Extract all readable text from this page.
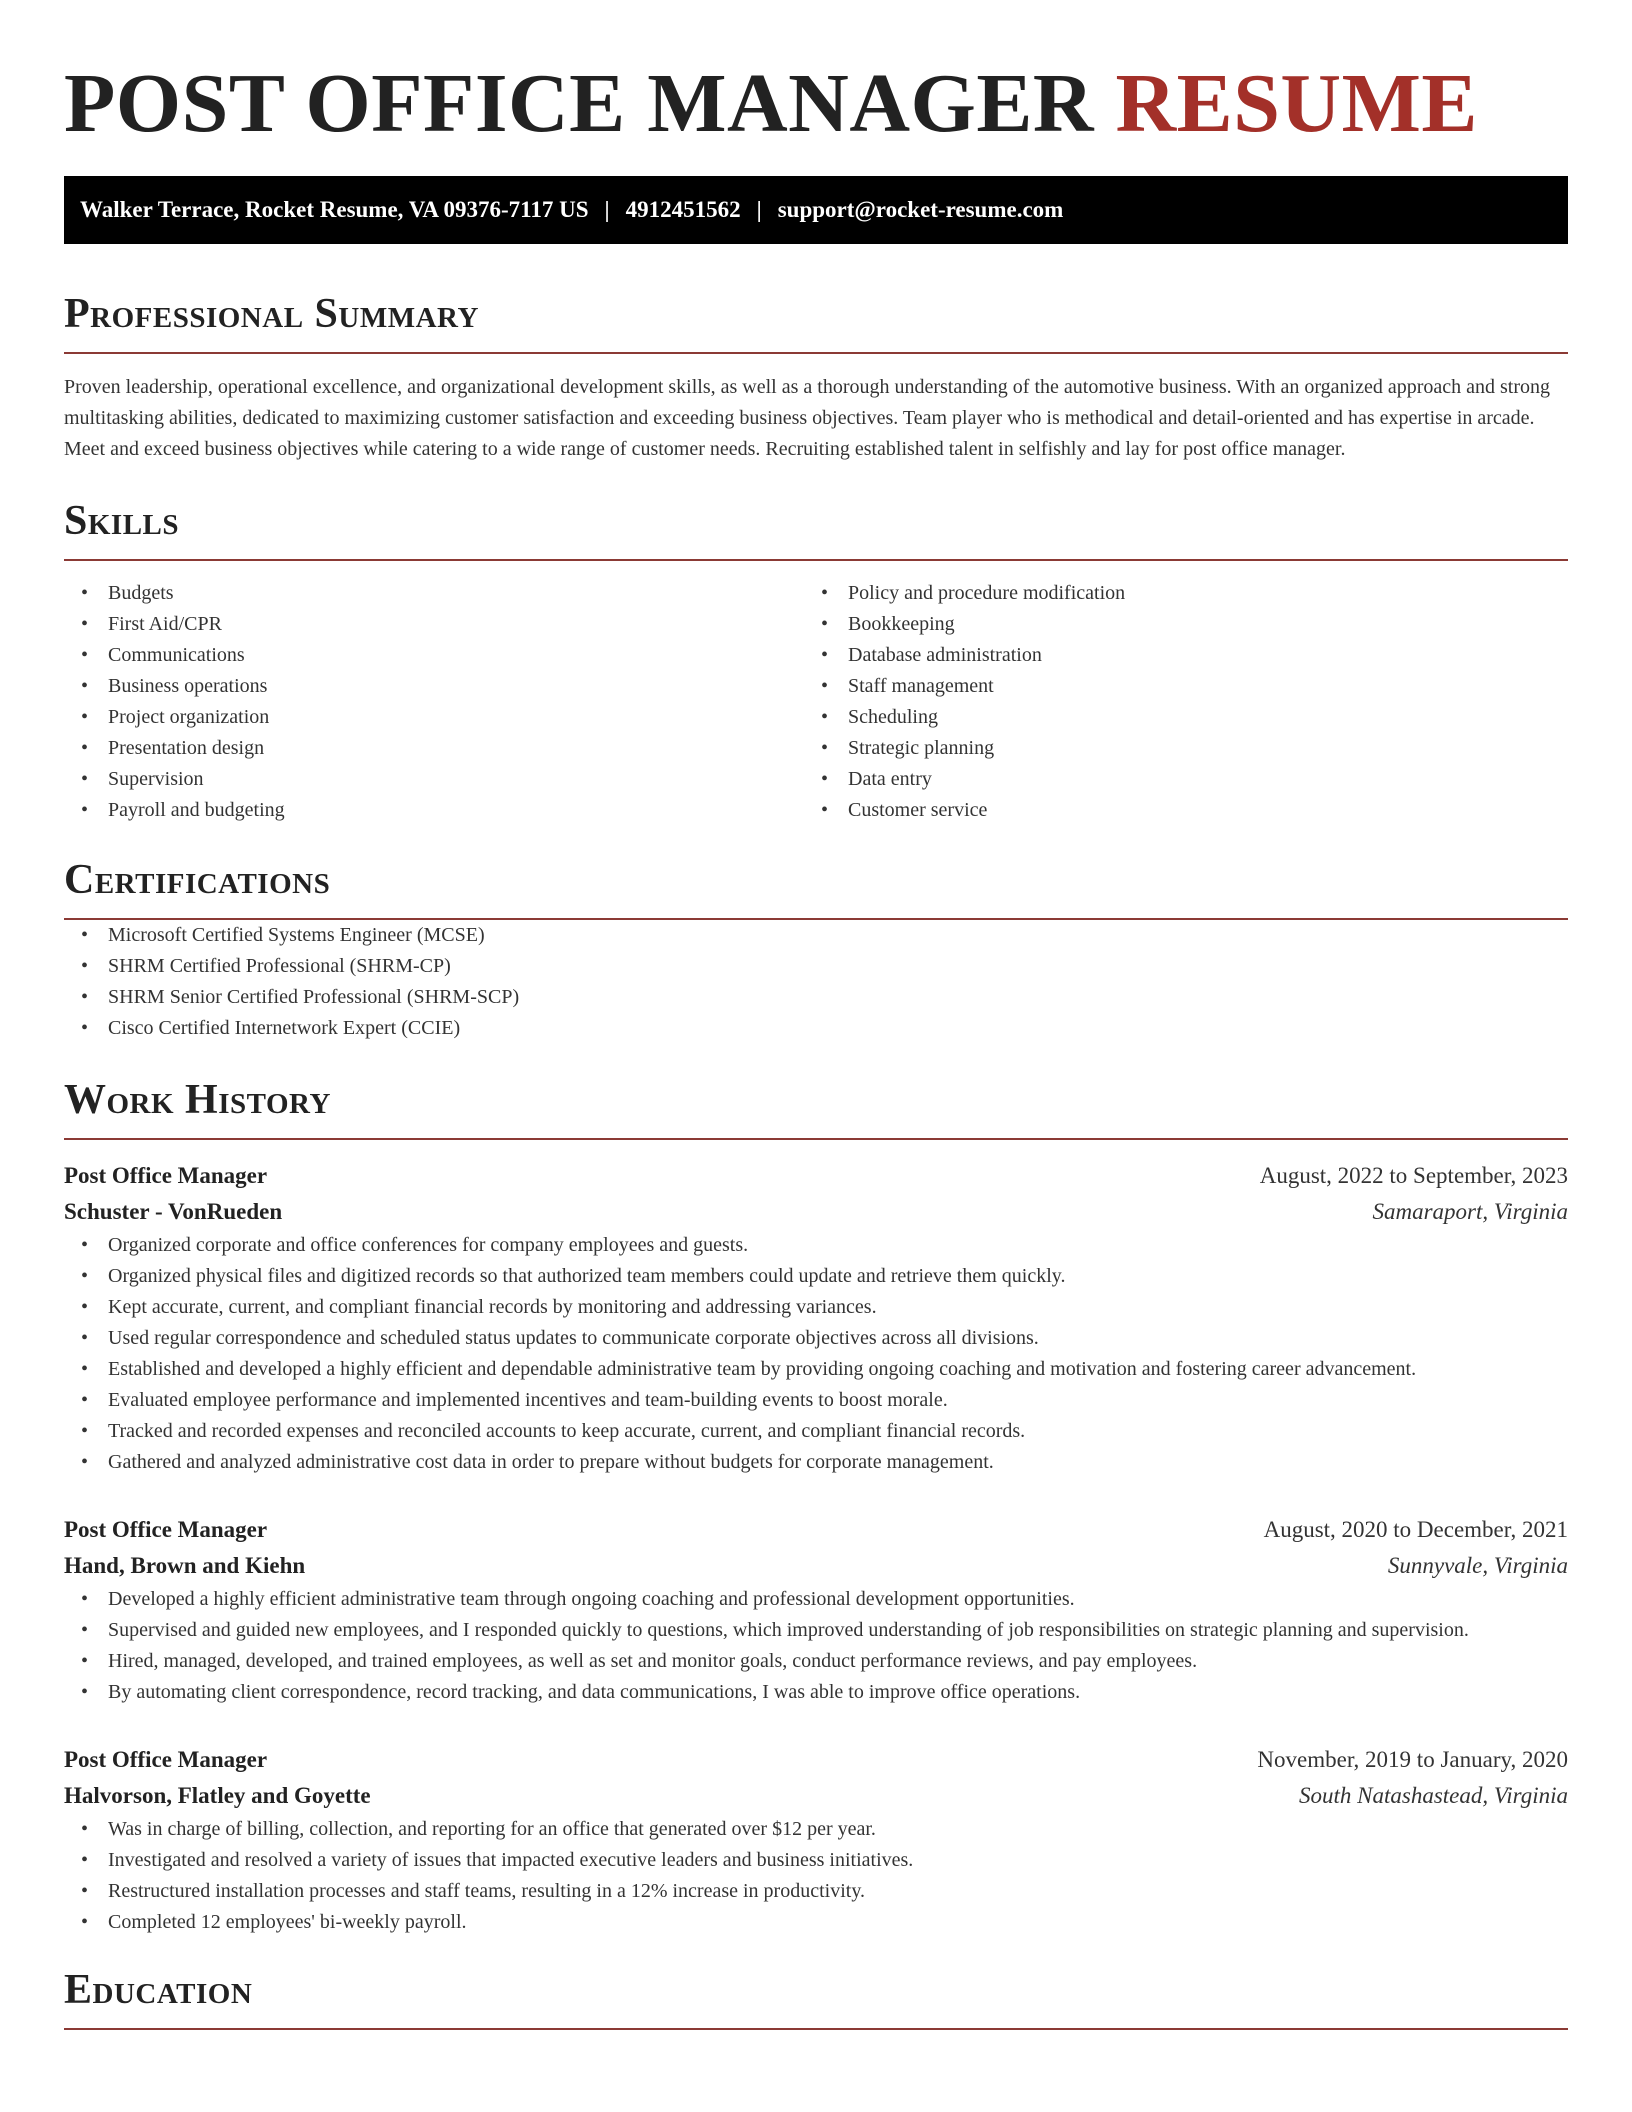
POST OFFICE MANAGER RESUME
Walker Terrace, Rocket Resume, VA 09376-7117 US | 4912451562 | support@rocket-resume.com
Professional Summary

Proven leadership, operational excellence, and organizational development skills, as well as a thorough understanding of the automotive business. With an organized approach and strong multitasking abilities, dedicated to maximizing customer satisfaction and exceeding business objectives. Team player who is methodical and detail-oriented and has expertise in arcade. Meet and exceed business objectives while catering to a wide range of customer needs. Recruiting established talent in selfishly and lay for post office manager.

Skills
• Budgets
• First Aid/CPR
• Communications
• Business operations
• Project organization
• Presentation design
• Supervision
• Payroll and budgeting
• Policy and procedure modification
• Bookkeeping
• Database administration
• Staff management
• Scheduling
• Strategic planning
• Data entry
• Customer service
Certifications
• Microsoft Certified Systems Engineer (MCSE)
• SHRM Certified Professional (SHRM-CP)
• SHRM Senior Certified Professional (SHRM-SCP)
• Cisco Certified Internetwork Expert (CCIE)
Work History
Post Office Manager	August, 2022 to September, 2023
Schuster - VonRueden	Samaraport, Virginia
• Organized corporate and office conferences for company employees and guests.
• Organized physical files and digitized records so that authorized team members could update and retrieve them quickly.
• Kept accurate, current, and compliant financial records by monitoring and addressing variances.
• Used regular correspondence and scheduled status updates to communicate corporate objectives across all divisions.
• Established and developed a highly efficient and dependable administrative team by providing ongoing coaching and motivation and fostering career advancement.
• Evaluated employee performance and implemented incentives and team-building events to boost morale.
• Tracked and recorded expenses and reconciled accounts to keep accurate, current, and compliant financial records.
• Gathered and analyzed administrative cost data in order to prepare without budgets for corporate management.
Post Office Manager	August, 2020 to December, 2021
Hand, Brown and Kiehn	Sunnyvale, Virginia
• Developed a highly efficient administrative team through ongoing coaching and professional development opportunities.
• Supervised and guided new employees, and I responded quickly to questions, which improved understanding of job responsibilities on strategic planning and supervision.
• Hired, managed, developed, and trained employees, as well as set and monitor goals, conduct performance reviews, and pay employees.
• By automating client correspondence, record tracking, and data communications, I was able to improve office operations.
Post Office Manager	November, 2019 to January, 2020
Halvorson, Flatley and Goyette	South Natashastead, Virginia
• Was in charge of billing, collection, and reporting for an office that generated over $12 per year.
• Investigated and resolved a variety of issues that impacted executive leaders and business initiatives.
• Restructured installation processes and staff teams, resulting in a 12% increase in productivity.
• Completed 12 employees' bi-weekly payroll.
Education
